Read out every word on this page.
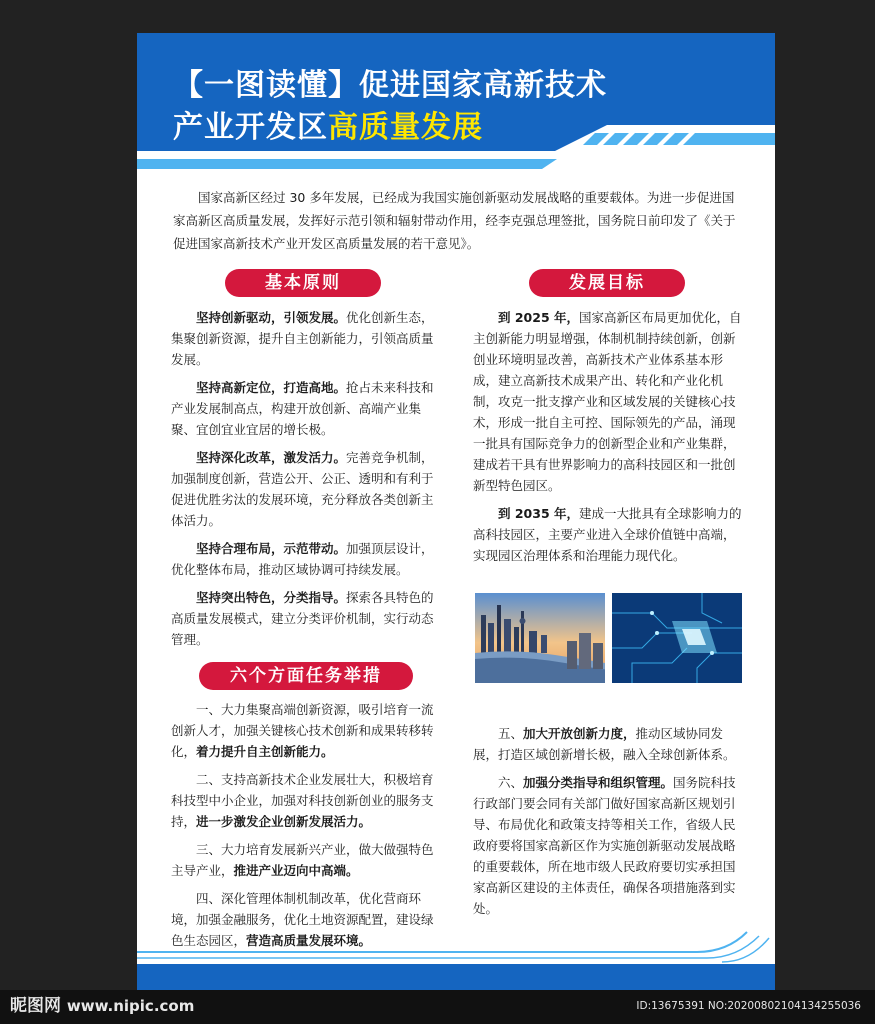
【一图读懂】促进国家高新技术
产业开发区高质量发展
国家高新区经过 30 多年发展，已经成为我国实施创新驱动发展战略的重要载体。为进一步促进国家高新区高质量发展，发挥好示范引领和辐射带动作用，经李克强总理签批，国务院日前印发了《关于促进国家高新技术产业开发区高质量发展的若干意见》。
基本原则

坚持创新驱动，引领发展。优化创新生态，集聚创新资源，提升自主创新能力，引领高质量发展。

坚持高新定位，打造高地。抢占未来科技和产业发展制高点，构建开放创新、高端产业集聚、宜创宜业宜居的增长极。

坚持深化改革，激发活力。完善竞争机制，加强制度创新，营造公开、公正、透明和有利于促进优胜劣汰的发展环境，充分释放各类创新主体活力。

坚持合理布局，示范带动。加强顶层设计，优化整体布局，推动区域协调可持续发展。

坚持突出特色，分类指导。探索各具特色的高质量发展模式，建立分类评价机制，实行动态管理。

六个方面任务举措

一、大力集聚高端创新资源，吸引培育一流创新人才，加强关键核心技术创新和成果转移转化，着力提升自主创新能力。

二、支持高新技术企业发展壮大，积极培育科技型中小企业，加强对科技创新创业的服务支持，进一步激发企业创新发展活力。

三、大力培育发展新兴产业，做大做强特色主导产业，推进产业迈向中高端。

四、深化管理体制机制改革，优化营商环境，加强金融服务，优化土地资源配置，建设绿色生态园区，营造高质量发展环境。

发展目标

到 2025 年，国家高新区布局更加优化，自主创新能力明显增强，体制机制持续创新，创新创业环境明显改善，高新技术产业体系基本形成，建立高新技术成果产出、转化和产业化机制，攻克一批支撑产业和区域发展的关键核心技术，形成一批自主可控、国际领先的产品，涌现一批具有国际竞争力的创新型企业和产业集群，建成若干具有世界影响力的高科技园区和一批创新型特色园区。

到 2035 年，建成一大批具有全球影响力的高科技园区，主要产业进入全球价值链中高端，实现园区治理体系和治理能力现代化。

五、加大开放创新力度，推动区域协同发展，打造区域创新增长极，融入全球创新体系。

六、加强分类指导和组织管理。国务院科技行政部门要会同有关部门做好国家高新区规划引导、布局优化和政策支持等相关工作，省级人民政府要将国家高新区作为实施创新驱动发展战略的重要载体，所在地市级人民政府要切实承担国家高新区建设的主体责任，确保各项措施落到实处。

昵图网 www.nipic.com	ID:13675391 NO:20200802104134255036
